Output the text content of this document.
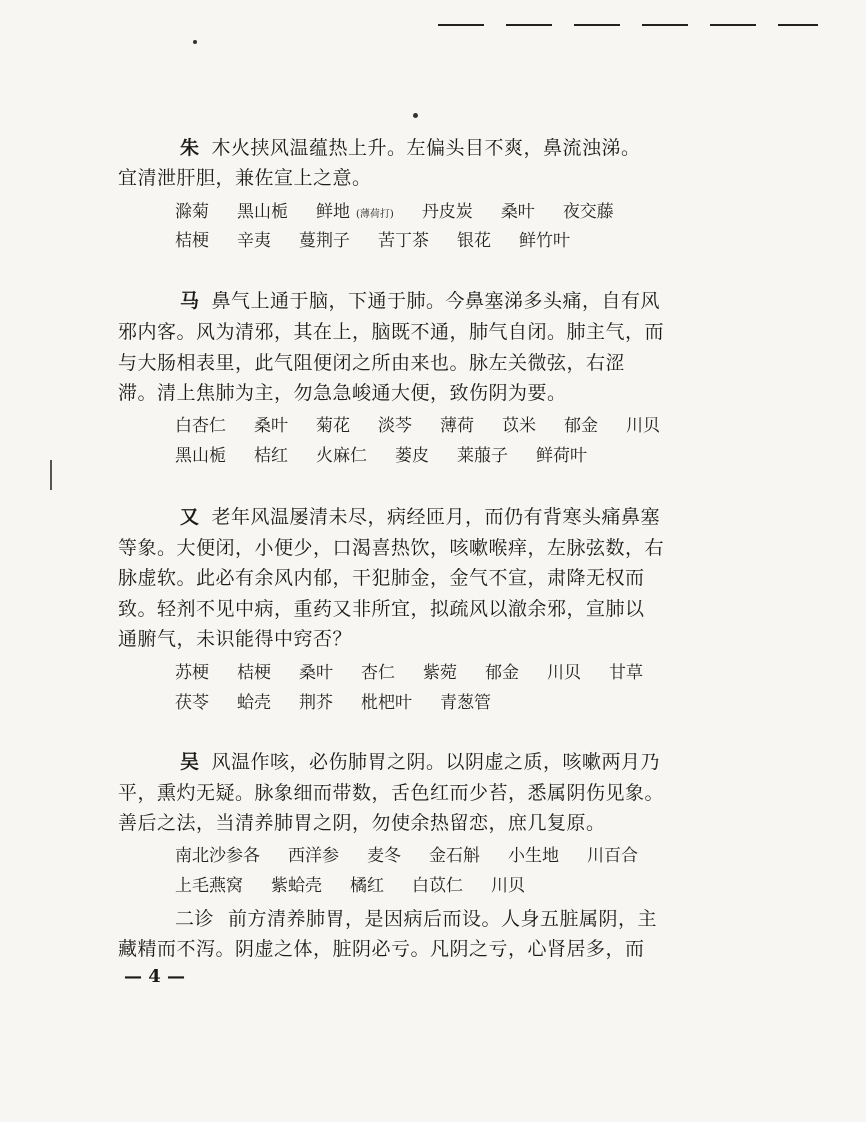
朱 木火挟风温蕴热上升。左偏头目不爽，鼻流浊涕。
宜清泄肝胆，兼佐宣上之意。
滁菊 黑山栀 鲜地 (薄荷打) 丹皮炭 桑叶 夜交藤
桔梗 辛夷 蔓荆子 苦丁茶 银花 鲜竹叶
马 鼻气上通于脑，下通于肺。今鼻塞涕多头痛，自有风
邪内客。风为清邪，其在上，脑既不通，肺气自闭。肺主气，而
与大肠相表里，此气阻便闭之所由来也。脉左关微弦，右涩
滞。清上焦肺为主，勿急急峻通大便，致伤阴为要。
白杏仁 桑叶 菊花 淡芩 薄荷 苡米 郁金 川贝
黑山栀 桔红 火麻仁 蒌皮 莱菔子 鲜荷叶
又 老年风温屡清未尽，病经匝月，而仍有背寒头痛鼻塞
等象。大便闭，小便少，口渴喜热饮，咳嗽喉痒，左脉弦数，右
脉虚软。此必有余风内郁，干犯肺金，金气不宣，肃降无权而
致。轻剂不见中病，重药又非所宜，拟疏风以澈余邪，宣肺以
通腑气，未识能得中窍否？
苏梗 桔梗 桑叶 杏仁 紫菀 郁金 川贝 甘草
茯苓 蛤壳 荆芥 枇杷叶 青葱管
吴 风温作咳，必伤肺胃之阴。以阴虚之质，咳嗽两月乃
平，熏灼无疑。脉象细而带数，舌色红而少苔，悉属阴伤见象。
善后之法，当清养肺胃之阴，勿使余热留恋，庶几复原。
南北沙参各 西洋参 麦冬 金石斛 小生地 川百合
上毛燕窝 紫蛤壳 橘红 白苡仁 川贝
二诊 前方清养肺胃，是因病后而设。人身五脏属阴，主
藏精而不泻。阴虚之体，脏阴必亏。凡阴之亏，心肾居多，而
— 4 —
